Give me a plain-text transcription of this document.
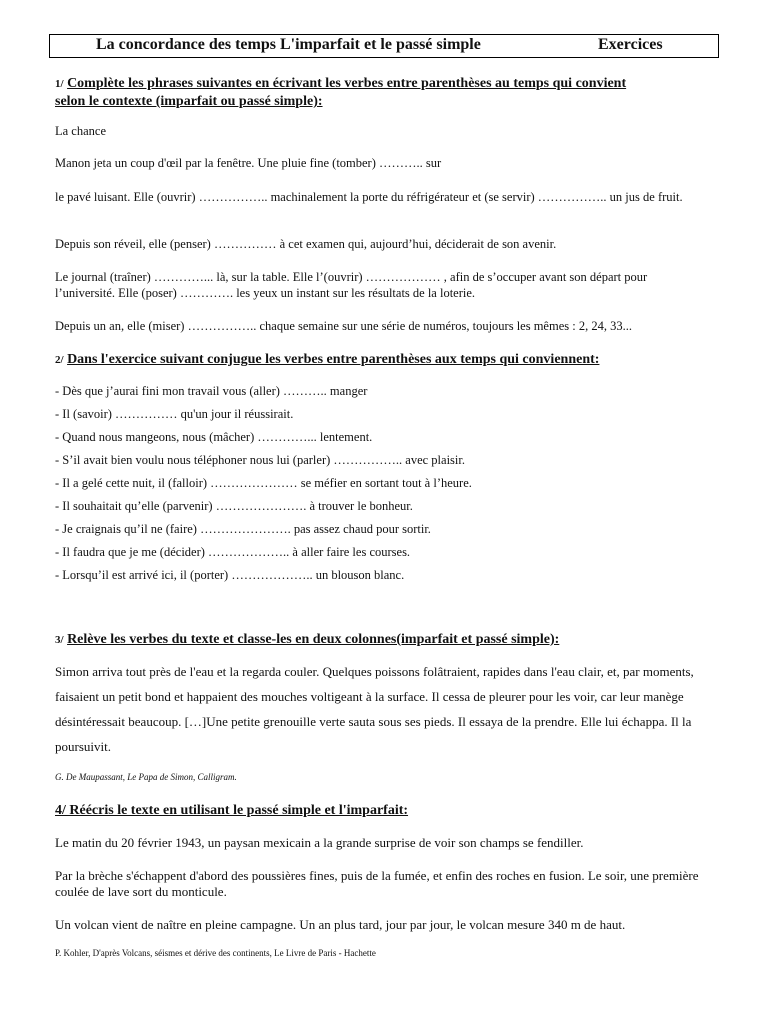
La concordance des temps L'imparfait et le passé simple	Exercices
1/ Complète les phrases suivantes en écrivant les verbes entre parenthèses au temps qui convient
selon le contexte (imparfait ou passé simple):
La chance
Manon jeta un coup d'œil par la fenêtre. Une pluie fine (tomber) ……….. sur
le pavé luisant. Elle (ouvrir) …………….. machinalement la porte du réfrigérateur et (se servir) …………….. un jus de fruit.
Depuis son réveil, elle (penser) …………… à cet examen qui, aujourd’hui, déciderait de son avenir.
Le journal (traîner) …………... là, sur la table. Elle l’(ouvrir) ……………… , afin de s’occuper avant son départ pour l’université. Elle (poser) …………. les yeux un instant sur les résultats de la loterie.
Depuis un an, elle (miser) …………….. chaque semaine sur une série de numéros, toujours les mêmes : 2, 24, 33...
2/ Dans l'exercice suivant conjugue les verbes entre parenthèses aux temps qui conviennent:
- Dès que j’aurai fini mon travail vous (aller) ……….. manger
- Il (savoir) …………… qu'un jour il réussirait.
- Quand nous mangeons, nous (mâcher) …………... lentement.
- S’il avait bien voulu nous téléphoner nous lui (parler) …………….. avec plaisir.
- Il a gelé cette nuit, il (falloir) ………………… se méfier en sortant tout à l’heure.
- Il souhaitait qu’elle (parvenir) …………………. à trouver le bonheur.
- Je craignais qu’il ne (faire) …………………. pas assez chaud pour sortir.
- Il faudra que je me (décider) ……………….. à aller faire les courses.
- Lorsqu’il est arrivé ici, il (porter) ……………….. un blouson blanc.
3/ Relève les verbes du texte et classe-les en deux colonnes(imparfait et passé simple):
Simon arriva tout près de l'eau et la regarda couler. Quelques poissons folâtraient, rapides dans l'eau clair, et, par moments, faisaient un petit bond et happaient des mouches voltigeant à la surface. Il cessa de pleurer pour les voir, car leur manège désintéressait beaucoup. […]Une petite grenouille verte sauta sous ses pieds. Il essaya de la prendre. Elle lui échappa. Il la poursuivit.
G. De Maupassant, Le Papa de Simon, Calligram.
4/ Réécris le texte en utilisant le passé simple et l'imparfait:
Le matin du 20 février 1943, un paysan mexicain a la grande surprise de voir son champs se fendiller.
Par la brèche s'échappent d'abord des poussières fines, puis de la fumée, et enfin des roches en fusion. Le soir, une première coulée de lave sort du monticule.
Un volcan vient de naître en pleine campagne. Un an plus tard, jour par jour, le volcan mesure 340 m de haut.
P. Kohler, D'après Volcans, séismes et dérive des continents, Le Livre de Paris - Hachette
